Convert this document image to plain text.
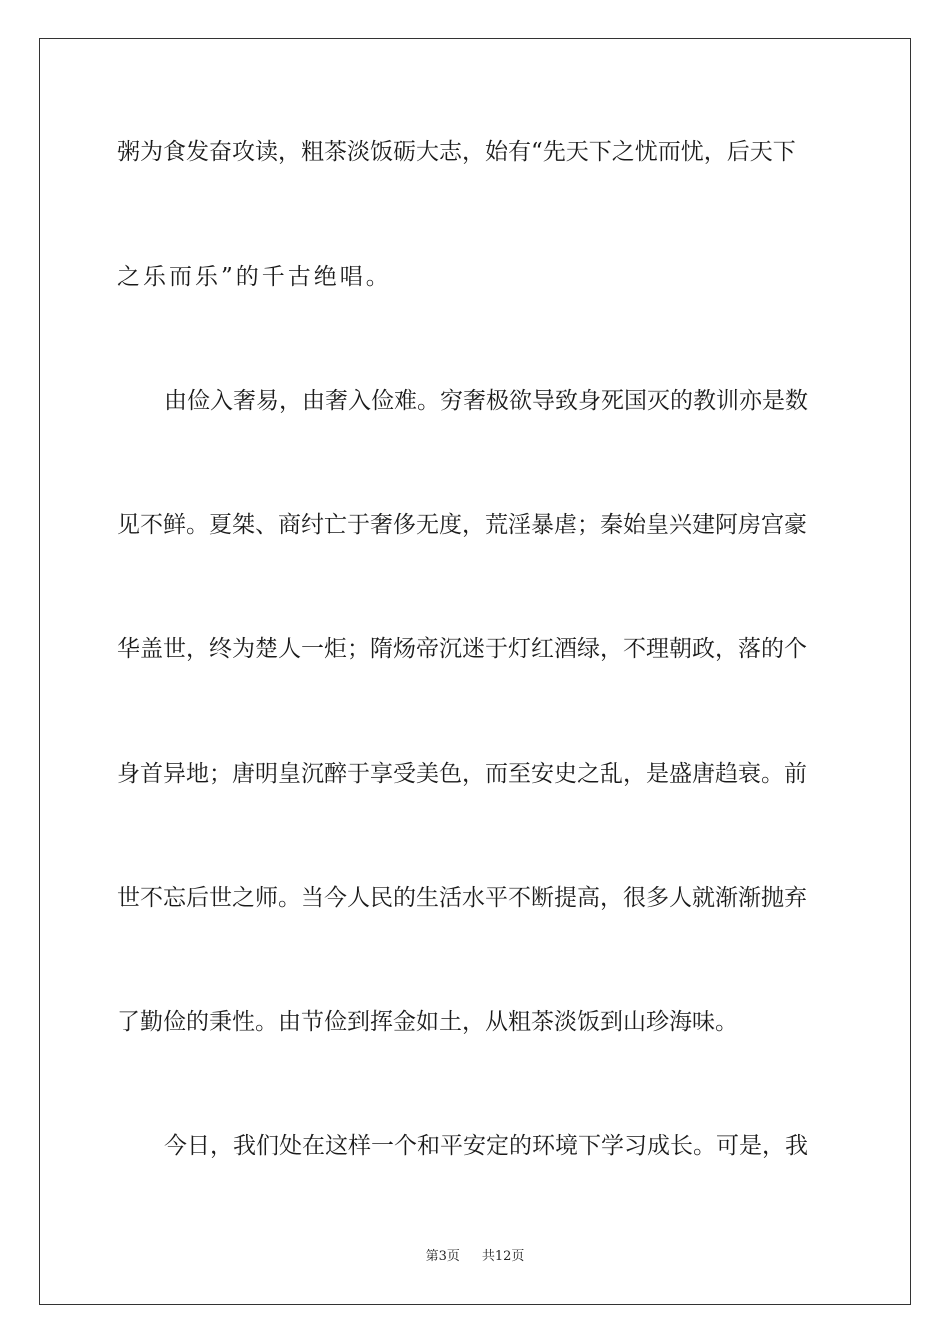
粥为食发奋攻读，粗茶淡饭砺大志，始有“先天下之忧而忧，后天下
之乐而乐”的千古绝唱。
由俭入奢易，由奢入俭难。穷奢极欲导致身死国灭的教训亦是数
见不鲜。夏桀、商纣亡于奢侈无度，荒淫暴虐；秦始皇兴建阿房宫豪
华盖世，终为楚人一炬；隋炀帝沉迷于灯红酒绿，不理朝政，落的个
身首异地；唐明皇沉醉于享受美色，而至安史之乱，是盛唐趋衰。前
世不忘后世之师。当今人民的生活水平不断提高，很多人就渐渐抛弃
了勤俭的秉性。由节俭到挥金如土，从粗茶淡饭到山珍海味。
今日，我们处在这样一个和平安定的环境下学习成长。可是，我
第3页 共12页
